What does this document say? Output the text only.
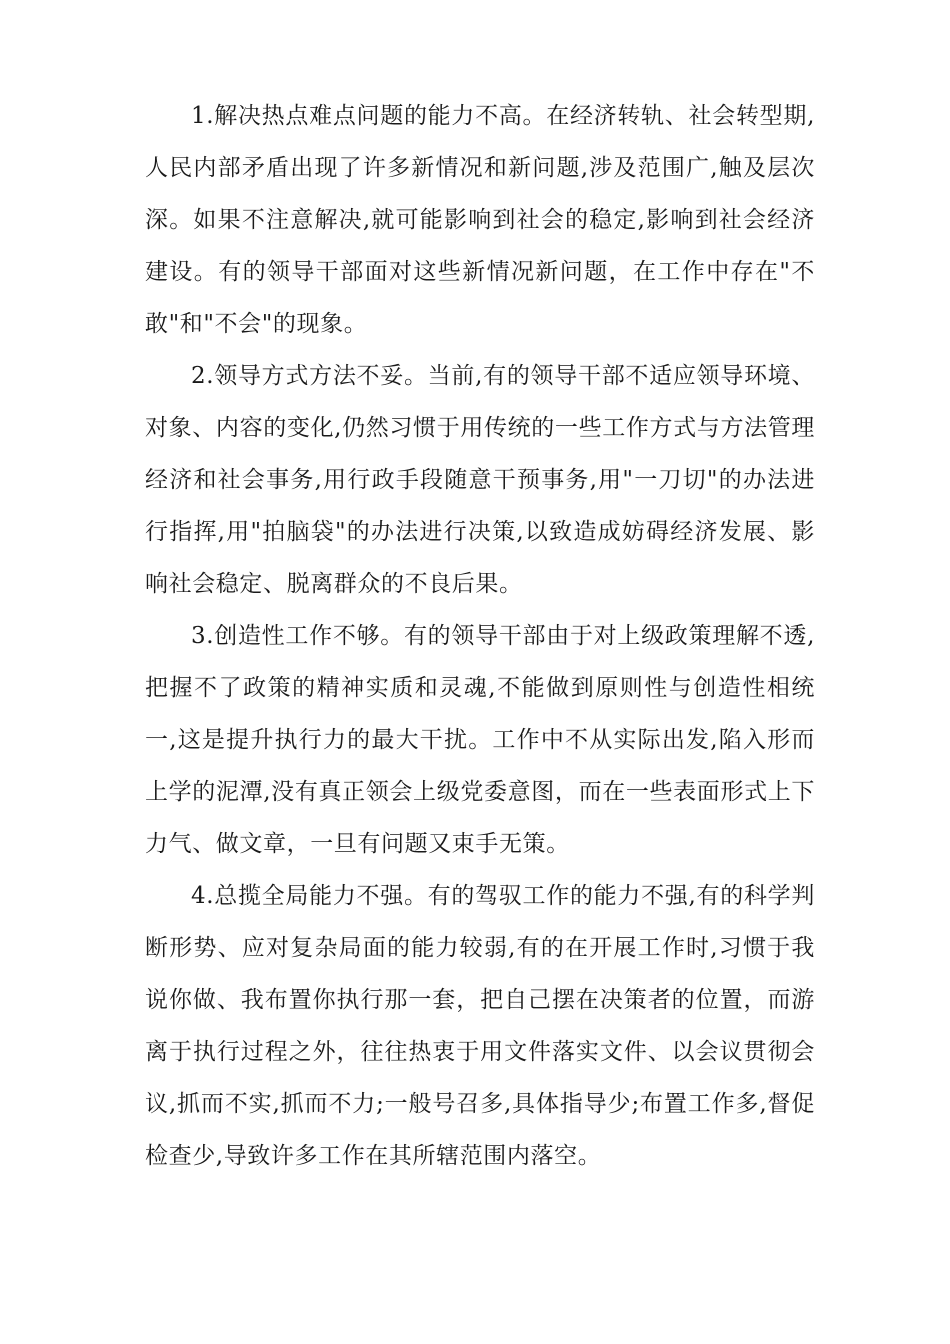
1.解决热点难点问题的能力不高。在经济转轨、社会转型期,人民内部矛盾出现了许多新情况和新问题,涉及范围广,触及层次深。如果不注意解决,就可能影响到社会的稳定,影响到社会经济建设。有的领导干部面对这些新情况新问题，在工作中存在"不敢"和"不会"的现象。

2.领导方式方法不妥。当前,有的领导干部不适应领导环境、对象、内容的变化,仍然习惯于用传统的一些工作方式与方法管理经济和社会事务,用行政手段随意干预事务,用"一刀切"的办法进行指挥,用"拍脑袋"的办法进行决策,以致造成妨碍经济发展、影响社会稳定、脱离群众的不良后果。

3.创造性工作不够。有的领导干部由于对上级政策理解不透,把握不了政策的精神实质和灵魂,不能做到原则性与创造性相统一,这是提升执行力的最大干扰。工作中不从实际出发,陷入形而上学的泥潭,没有真正领会上级党委意图，而在一些表面形式上下力气、做文章，一旦有问题又束手无策。

4.总揽全局能力不强。有的驾驭工作的能力不强,有的科学判断形势、应对复杂局面的能力较弱,有的在开展工作时,习惯于我说你做、我布置你执行那一套，把自己摆在决策者的位置，而游离于执行过程之外，往往热衷于用文件落实文件、以会议贯彻会议,抓而不实,抓而不力;一般号召多,具体指导少;布置工作多,督促检查少,导致许多工作在其所辖范围内落空。
